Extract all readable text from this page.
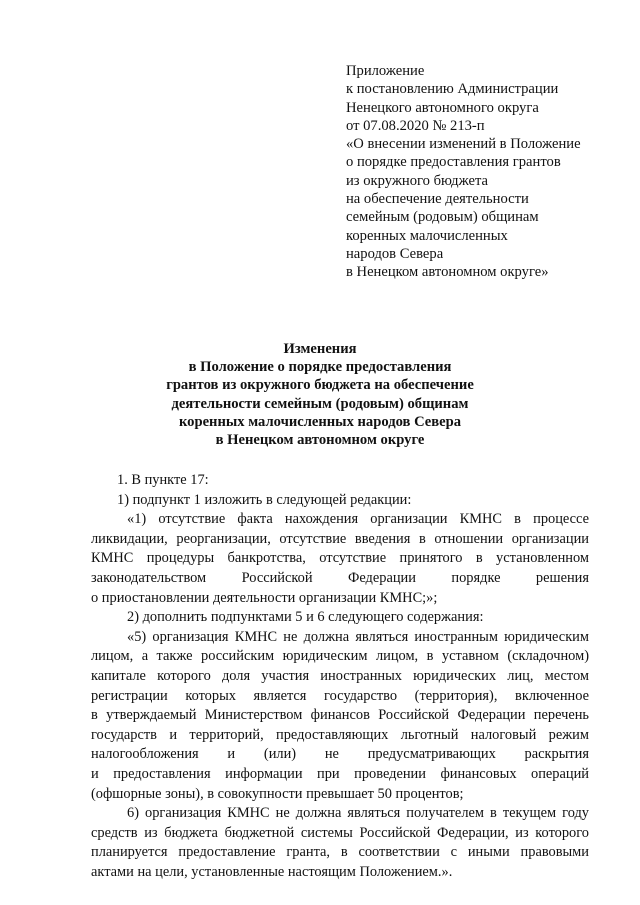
Приложение
к постановлению Администрации
Ненецкого автономного округа
от 07.08.2020 № 213-п
«О внесении изменений в Положение
о порядке предоставления грантов
из окружного бюджета
на обеспечение деятельности
семейным (родовым) общинам
коренных малочисленных
народов Севера
в Ненецком автономном округе»
Изменения
в Положение о порядке предоставления
грантов из окружного бюджета на обеспечение
деятельности семейным (родовым) общинам
коренных малочисленных народов Севера
в Ненецком автономном округе
1. В пункте 17:
1) подпункт 1 изложить в следующей редакции:
«1) отсутствие факта нахождения организации КМНС в процессе
ликвидации, реорганизации, отсутствие введения в отношении организации
КМНС процедуры банкротства, отсутствие принятого в установленном
законодательством Российской Федерации порядке решения
о приостановлении деятельности организации КМНС;»;
2) дополнить подпунктами 5 и 6 следующего содержания:
«5) организация КМНС не должна являться иностранным юридическим
лицом, а также российским юридическим лицом, в уставном (складочном)
капитале которого доля участия иностранных юридических лиц, местом
регистрации которых является государство (территория), включенное
в утверждаемый Министерством финансов Российской Федерации перечень
государств и территорий, предоставляющих льготный налоговый режим
налогообложения и (или) не предусматривающих раскрытия
и предоставления информации при проведении финансовых операций
(офшорные зоны), в совокупности превышает 50 процентов;
6) организация КМНС не должна являться получателем в текущем году
средств из бюджета бюджетной системы Российской Федерации, из которого
планируется предоставление гранта, в соответствии с иными правовыми
актами на цели, установленные настоящим Положением.».
